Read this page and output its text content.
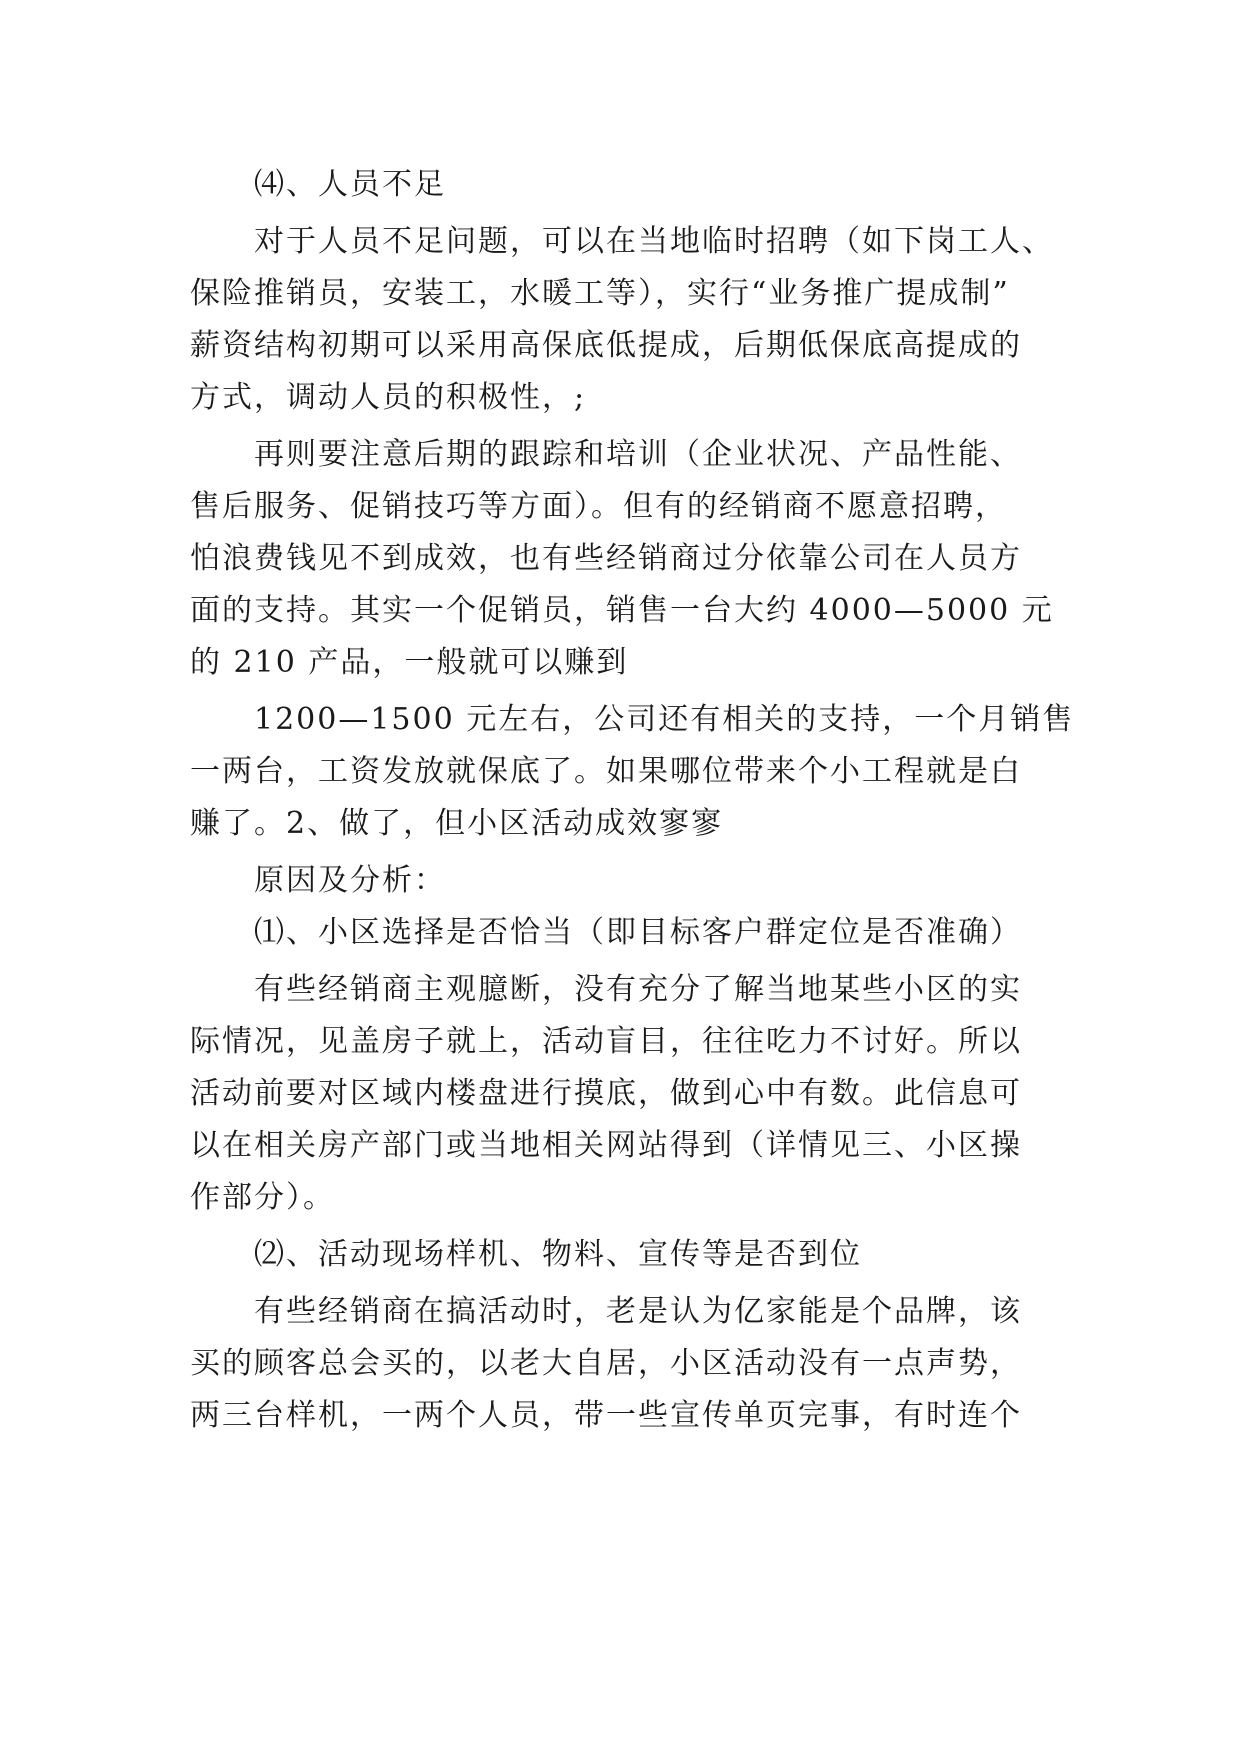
⑷、人员不足
对于人员不足问题，可以在当地临时招聘（如下岗工人、
保险推销员，安装工，水暖工等），实行“业务推广提成制”
薪资结构初期可以采用高保底低提成，后期低保底高提成的
方式，调动人员的积极性，;
再则要注意后期的跟踪和培训（企业状况、产品性能、
售后服务、促销技巧等方面）。但有的经销商不愿意招聘，
怕浪费钱见不到成效，也有些经销商过分依靠公司在人员方
面的支持。其实一个促销员，销售一台大约 4000—5000 元
的 210 产品，一般就可以赚到
1200—1500 元左右，公司还有相关的支持，一个月销售
一两台，工资发放就保底了。如果哪位带来个小工程就是白
赚了。2、做了，但小区活动成效寥寥
原因及分析：
⑴、小区选择是否恰当（即目标客户群定位是否准确）
有些经销商主观臆断，没有充分了解当地某些小区的实
际情况，见盖房子就上，活动盲目，往往吃力不讨好。所以
活动前要对区域内楼盘进行摸底，做到心中有数。此信息可
以在相关房产部门或当地相关网站得到（详情见三、小区操
作部分）。
⑵、活动现场样机、物料、宣传等是否到位
有些经销商在搞活动时，老是认为亿家能是个品牌，该
买的顾客总会买的，以老大自居，小区活动没有一点声势，
两三台样机，一两个人员，带一些宣传单页完事，有时连个
